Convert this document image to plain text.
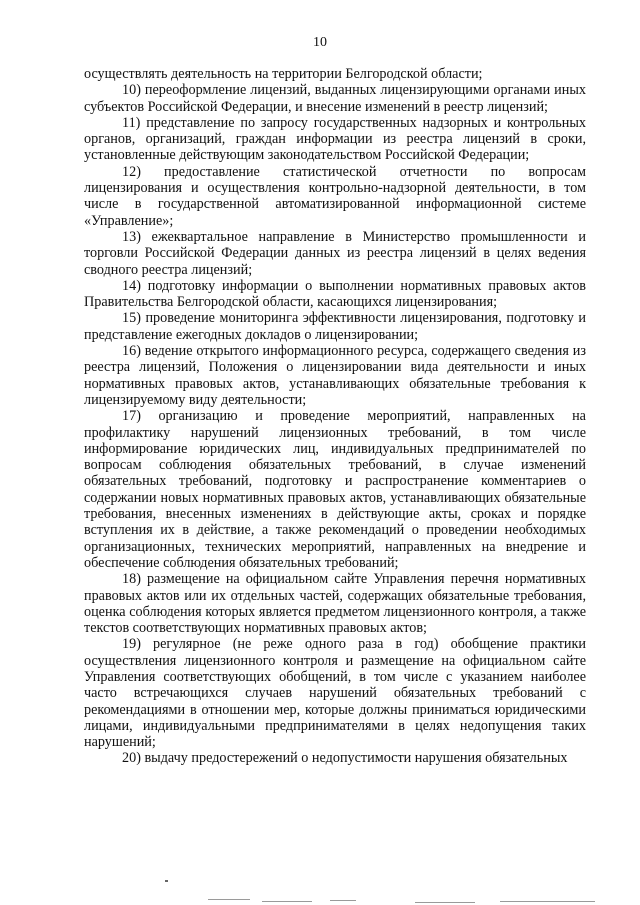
10

осуществлять деятельность на территории Белгородской области;

10) переоформление лицензий, выданных лицензирующими органами иных субъектов Российской Федерации, и внесение изменений в реестр лицензий;

11) представление по запросу государственных надзорных и контрольных органов, организаций, граждан информации из реестра лицензий в сроки, установленные действующим законодательством Российской Федерации;

12) предоставление статистической отчетности по вопросам лицензирования и осуществления контрольно-надзорной деятельности, в том числе в государственной автоматизированной информационной системе «Управление»;

13) ежеквартальное направление в Министерство промышленности и торговли Российской Федерации данных из реестра лицензий в целях ведения сводного реестра лицензий;

14) подготовку информации о выполнении нормативных правовых актов Правительства Белгородской области, касающихся лицензирования;

15) проведение мониторинга эффективности лицензирования, подготовку и представление ежегодных докладов о лицензировании;

16) ведение открытого информационного ресурса, содержащего сведения из реестра лицензий, Положения о лицензировании вида деятельности и иных нормативных правовых актов, устанавливающих обязательные требования к лицензируемому виду деятельности;

17) организацию и проведение мероприятий, направленных на профилактику нарушений лицензионных требований, в том числе информирование юридических лиц, индивидуальных предпринимателей по вопросам соблюдения обязательных требований, в случае изменений обязательных требований, подготовку и распространение комментариев о содержании новых нормативных правовых актов, устанавливающих обязательные требования, внесенных изменениях в действующие акты, сроках и порядке вступления их в действие, а также рекомендаций о проведении необходимых организационных, технических мероприятий, направленных на внедрение и обеспечение соблюдения обязательных требований;

18) размещение на официальном сайте Управления перечня нормативных правовых актов или их отдельных частей, содержащих обязательные требования, оценка соблюдения которых является предметом лицензионного контроля, а также текстов соответствующих нормативных правовых актов;

19) регулярное (не реже одного раза в год) обобщение практики осуществления лицензионного контроля и размещение на официальном сайте Управления соответствующих обобщений, в том числе с указанием наиболее часто встречающихся случаев нарушений обязательных требований с рекомендациями в отношении мер, которые должны приниматься юридическими лицами, индивидуальными предпринимателями в целях недопущения таких нарушений;

20) выдачу предостережений о недопустимости нарушения обязательных
